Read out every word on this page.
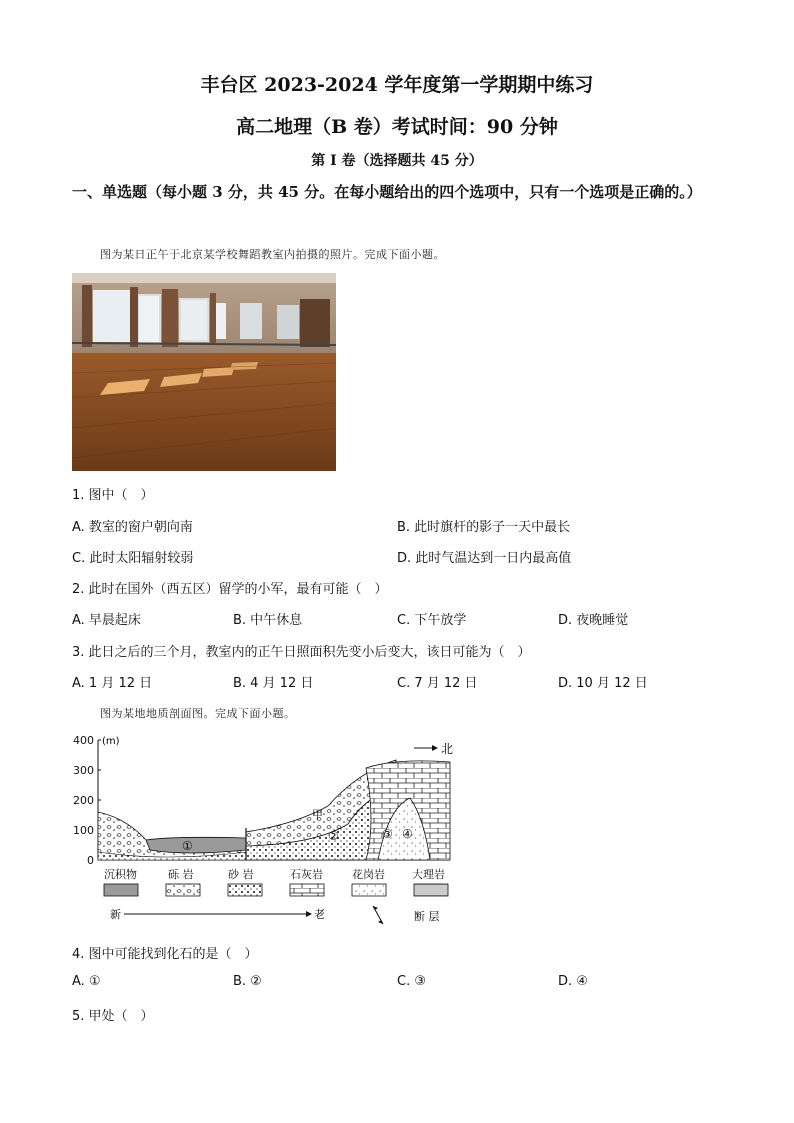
丰台区 2023-2024 学年度第一学期期中练习
高二地理（B 卷）考试时间：90 分钟
第 I 卷（选择题共 45 分）
一、单选题（每小题 3 分，共 45 分。在每小题给出的四个选项中，只有一个选项是正确的。）
图为某日正午于北京某学校舞蹈教室内拍摄的照片。完成下面小题。
1. 图中（　）
A. 教室的窗户朝向南	B. 此时旗杆的影子一天中最长
C. 此时太阳辐射较弱	D. 此时气温达到一日内最高值
2. 此时在国外（西五区）留学的小军，最有可能（　）
A. 早晨起床	B. 中午休息	C. 下午放学	D. 夜晚睡觉
3. 此日之后的三个月，教室内的正午日照面积先变小后变大，该日可能为（　）
A. 1 月 12 日	B. 4 月 12 日	C. 7 月 12 日	D. 10 月 12 日
图为某地地质剖面图。完成下面小题。
400
300
200
100
0
(m)
北
①
②	③ ④
甲
沉积物	砾 岩	砂 岩	石灰岩	花岗岩 大理岩
新	老	断 层
4. 图中可能找到化石的是（　）
A. ①	B. ②	C. ③	D. ④
5. 甲处（　）
